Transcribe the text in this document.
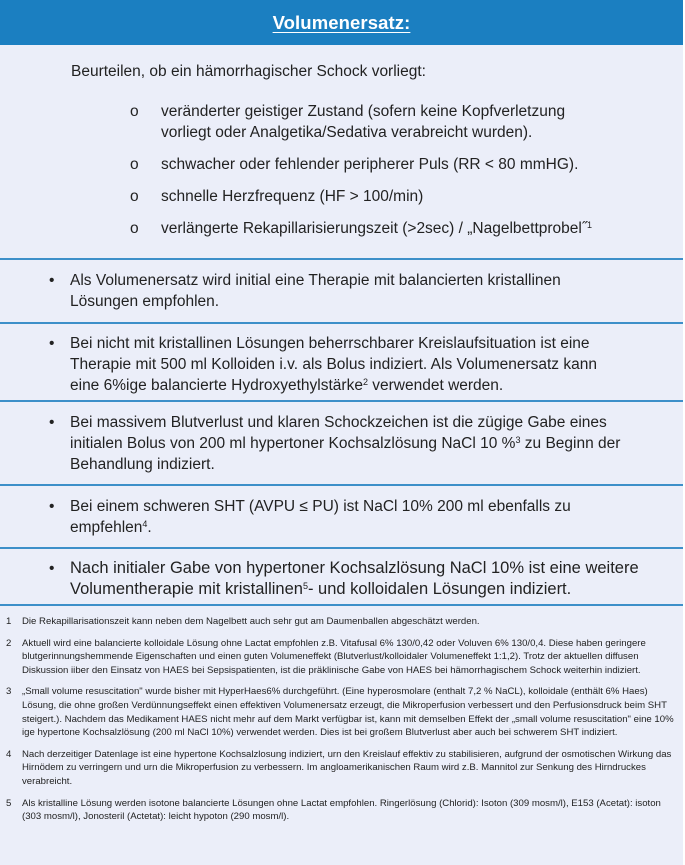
Volumenersatz:
Beurteilen, ob ein hämorrhagischer Schock vorliegt:
o	veränderter geistiger Zustand (sofern keine Kopfverletzung vorliegt oder Analgetika/Sedativa verabreicht wurden).
o	schwacher oder fehlender peripherer Puls (RR < 80 mmHG).
o	schnelle Herzfrequenz (HF > 100/min)
o	verlängerte Rekapillarisierungszeit (>2sec) / „Nagelbettprobel˝$^1$
•	Als Volumenersatz wird initial eine Therapie mit balancierten kristallinen Lösungen empfohlen.
•	Bei nicht mit kristallinen Lösungen beherrschbarer Kreislaufsituation ist eine Therapie mit 500 ml Kolloiden i.v. als Bolus indiziert. Als Volumenersatz kann eine 6%ige balancierte Hydroxyethylstärke$^2$ verwendet werden.
•	Bei massivem Blutverlust und klaren Schockzeichen ist die zügige Gabe eines initialen Bolus von 200 ml hypertoner Kochsalzlösung NaCl 10 %$^3$ zu Beginn der Behandlung indiziert.
•	Bei einem schweren SHT (AVPU ≤ PU) ist NaCl 10% 200 ml ebenfalls zu empfehlen$^4$.
• Nach initialer Gabe von hypertoner Kochsalzlösung NaCl 10% ist eine weitere Volumentherapie mit kristallinen$^5$- und kolloidalen Lösungen indiziert.
1	Die Rekapillarisationszeit kann neben dem Nagelbett auch sehr gut am Daumenballen abgeschätzt werden.
2	Aktuell wird eine balancierte kolloidale Lösung ohne Lactat empfohlen z.B. Vitafusal 6% 130/0,42 oder Voluven 6% 130/0,4. Diese haben geringere blutgerinnungshemmende Eigenschaften und einen guten Volumeneffekt (Blutverlust/kolloidaler Volumeneffekt 1:1,2). Trotz der aktuellen diffusen Diskussion iiber den Einsatz von HAES bei Sepsispatienten, ist die präklinische Gabe von HAES bei hämorrhagischem Schock weiterhin indiziert.
3	„Small volume resuscitation" wurde bisher mit HyperHaes6% durchgeführt. (Eine hyperosmolare (enthalt 7,2 % NaCL), kolloidale (enthält 6% Haes) Lösung, die ohne großen Verdünnungseffekt einen effektiven Volumenersatz erzeugt, die Mikroperfusion verbessert und den Perfusionsdruck beim SHT steigert.). Nachdem das Medikament HAES nicht mehr auf dem Markt verfügbar ist, kann mit demselben Effekt der „small volume resuscitation" eine 10% ige hypertone Kochsalzlösung (200 ml NaCl 10%) verwendet werden. Dies ist bei großem Blutverlust aber auch bei schwerem SHT indiziert.
4	Nach derzeitiger Datenlage ist eine hypertone Kochsalzlosung indiziert, urn den Kreislauf effektiv zu stabilisieren, aufgrund der osmotischen Wirkung das Hirnödem zu verringern und urn die Mikroperfusion zu verbessern. Im angloamerikanischen Raum wird z.B. Mannitol zur Senkung des Hirndruckes verabreicht.
5	Als kristalline Lösung werden isotone balancierte Lösungen ohne Lactat empfohlen. Ringerlösung (Chlorid): Isoton (309 mosm/l), E153 (Acetat): isoton (303 mosm/l), Jonosteril (Actetat): leicht hypoton (290 mosm/l).
